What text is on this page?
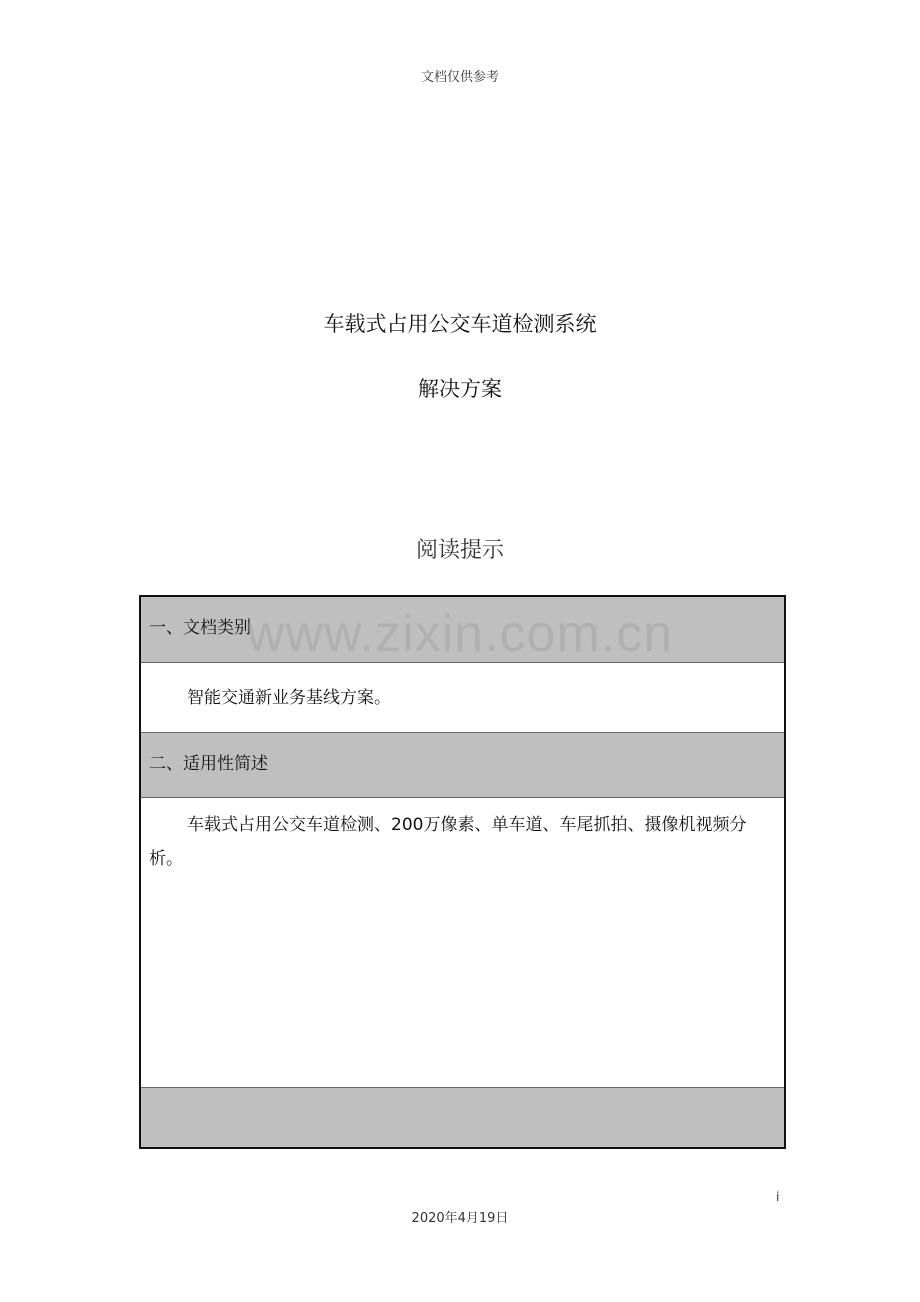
文档仅供参考
车载式占用公交车道检测系统
解决方案
阅读提示
一、文档类别

智能交通新业务基线方案。

二、适用性简述

车载式占用公交车道检测、200万像素、单车道、车尾抓拍、摄像机视频分析。

www.zixin.com.cn
i
2020年4月19日
